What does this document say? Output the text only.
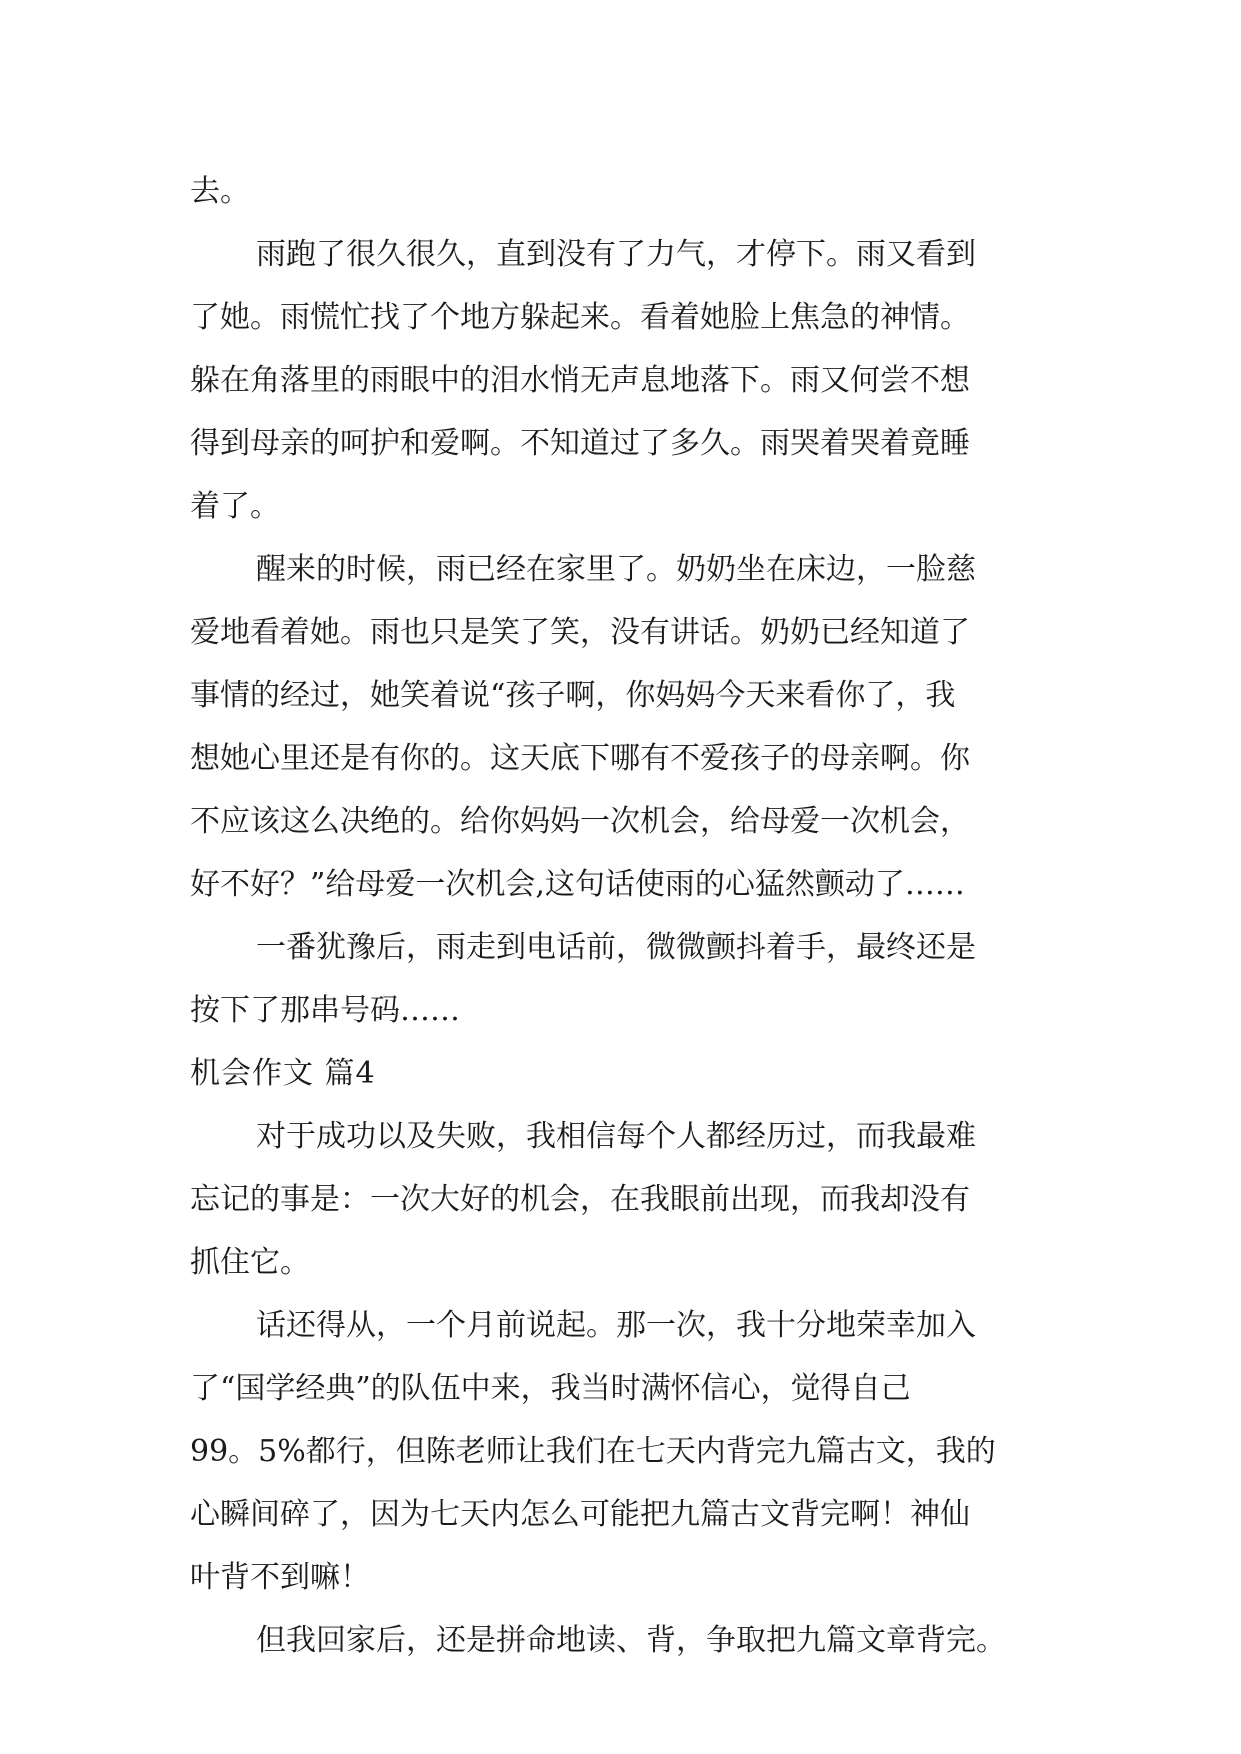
去。
雨跑了很久很久，直到没有了力气，才停下。雨又看到
了她。雨慌忙找了个地方躲起来。看着她脸上焦急的神情。
躲在角落里的雨眼中的泪水悄无声息地落下。雨又何尝不想
得到母亲的呵护和爱啊。不知道过了多久。雨哭着哭着竟睡
着了。
醒来的时候，雨已经在家里了。奶奶坐在床边，一脸慈
爱地看着她。雨也只是笑了笑，没有讲话。奶奶已经知道了
事情的经过，她笑着说“孩子啊，你妈妈今天来看你了，我
想她心里还是有你的。这天底下哪有不爱孩子的母亲啊。你
不应该这么决绝的。给你妈妈一次机会，给母爱一次机会，
好不好？”给母爱一次机会,这句话使雨的心猛然颤动了……
一番犹豫后，雨走到电话前，微微颤抖着手，最终还是
按下了那串号码……
机会作文 篇4
对于成功以及失败，我相信每个人都经历过，而我最难
忘记的事是：一次大好的机会，在我眼前出现，而我却没有
抓住它。
话还得从，一个月前说起。那一次，我十分地荣幸加入
了“国学经典”的队伍中来，我当时满怀信心，觉得自己
99。5%都行，但陈老师让我们在七天内背完九篇古文，我的
心瞬间碎了，因为七天内怎么可能把九篇古文背完啊！神仙
叶背不到嘛！
但我回家后，还是拼命地读、背，争取把九篇文章背完。
